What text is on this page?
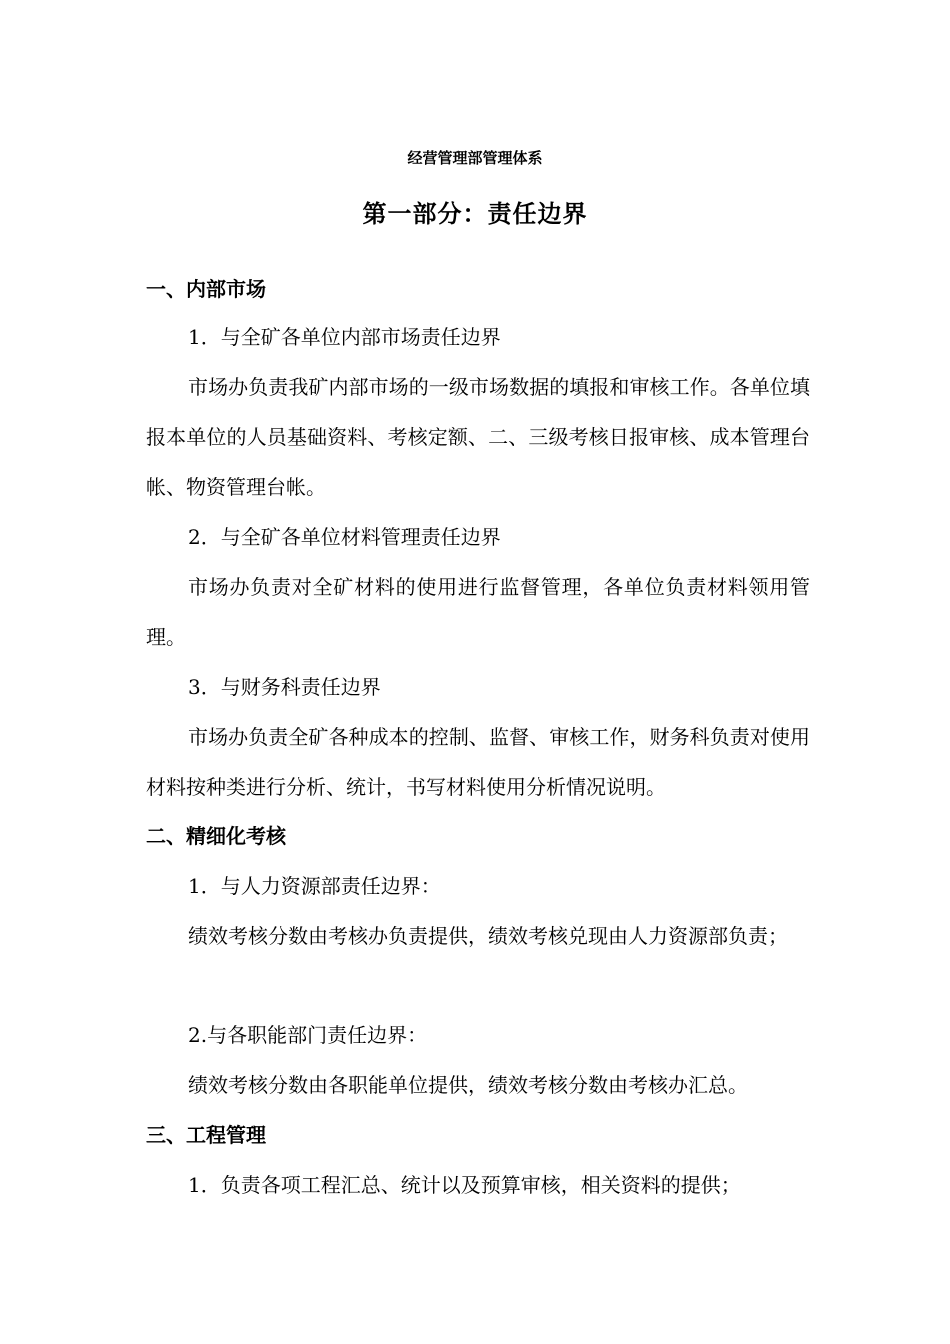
经营管理部管理体系
第一部分：责任边界
一、内部市场
1．与全矿各单位内部市场责任边界
市场办负责我矿内部市场的一级市场数据的填报和审核工作。各单位填报本单位的人员基础资料、考核定额、二、三级考核日报审核、成本管理台帐、物资管理台帐。
2．与全矿各单位材料管理责任边界
市场办负责对全矿材料的使用进行监督管理，各单位负责材料领用管理。
3．与财务科责任边界
市场办负责全矿各种成本的控制、监督、审核工作，财务科负责对使用材料按种类进行分析、统计，书写材料使用分析情况说明。
二、精细化考核
1．与人力资源部责任边界：
绩效考核分数由考核办负责提供，绩效考核兑现由人力资源部负责；
2.与各职能部门责任边界：
绩效考核分数由各职能单位提供，绩效考核分数由考核办汇总。
三、工程管理
1．负责各项工程汇总、统计以及预算审核，相关资料的提供；
